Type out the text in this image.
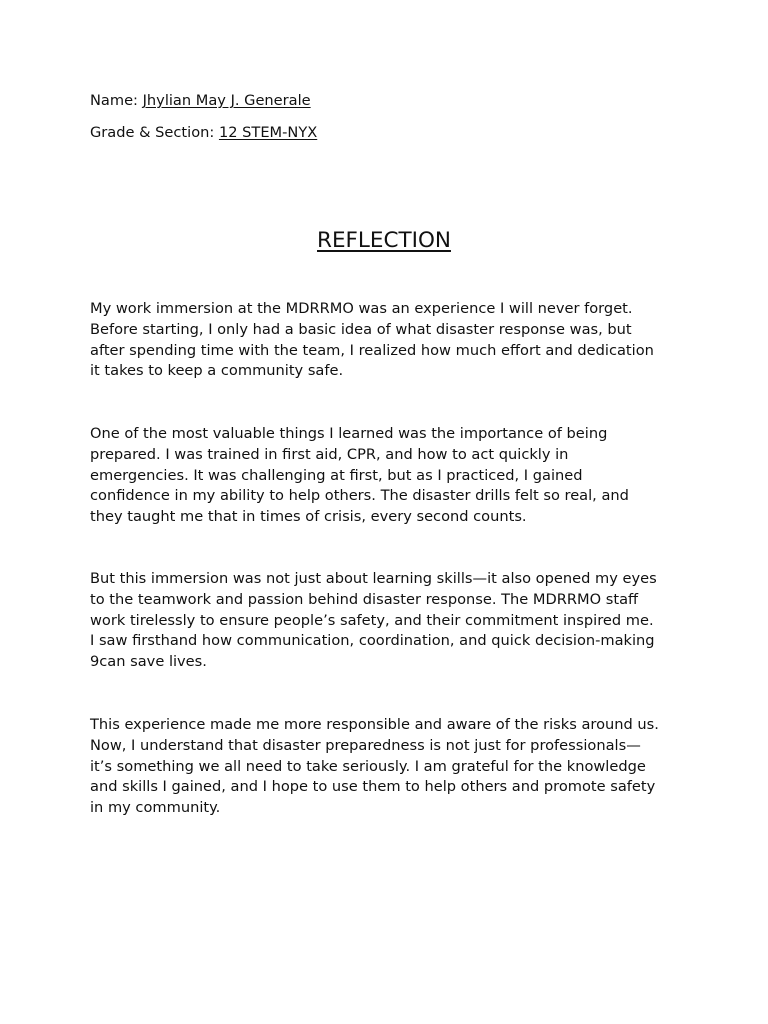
Name: Jhylian May J. Generale
Grade & Section: 12 STEM-NYX
REFLECTION

My work immersion at the MDRRMO was an experience I will never forget.
Before starting, I only had a basic idea of what disaster response was, but
after spending time with the team, I realized how much effort and dedication
it takes to keep a community safe.

One of the most valuable things I learned was the importance of being
prepared. I was trained in first aid, CPR, and how to act quickly in
emergencies. It was challenging at first, but as I practiced, I gained
confidence in my ability to help others. The disaster drills felt so real, and
they taught me that in times of crisis, every second counts.

But this immersion was not just about learning skills—it also opened my eyes
to the teamwork and passion behind disaster response. The MDRRMO staff
work tirelessly to ensure people’s safety, and their commitment inspired me.
I saw firsthand how communication, coordination, and quick decision-making
9can save lives.

This experience made me more responsible and aware of the risks around us.
Now, I understand that disaster preparedness is not just for professionals—
it’s something we all need to take seriously. I am grateful for the knowledge
and skills I gained, and I hope to use them to help others and promote safety
in my community.
